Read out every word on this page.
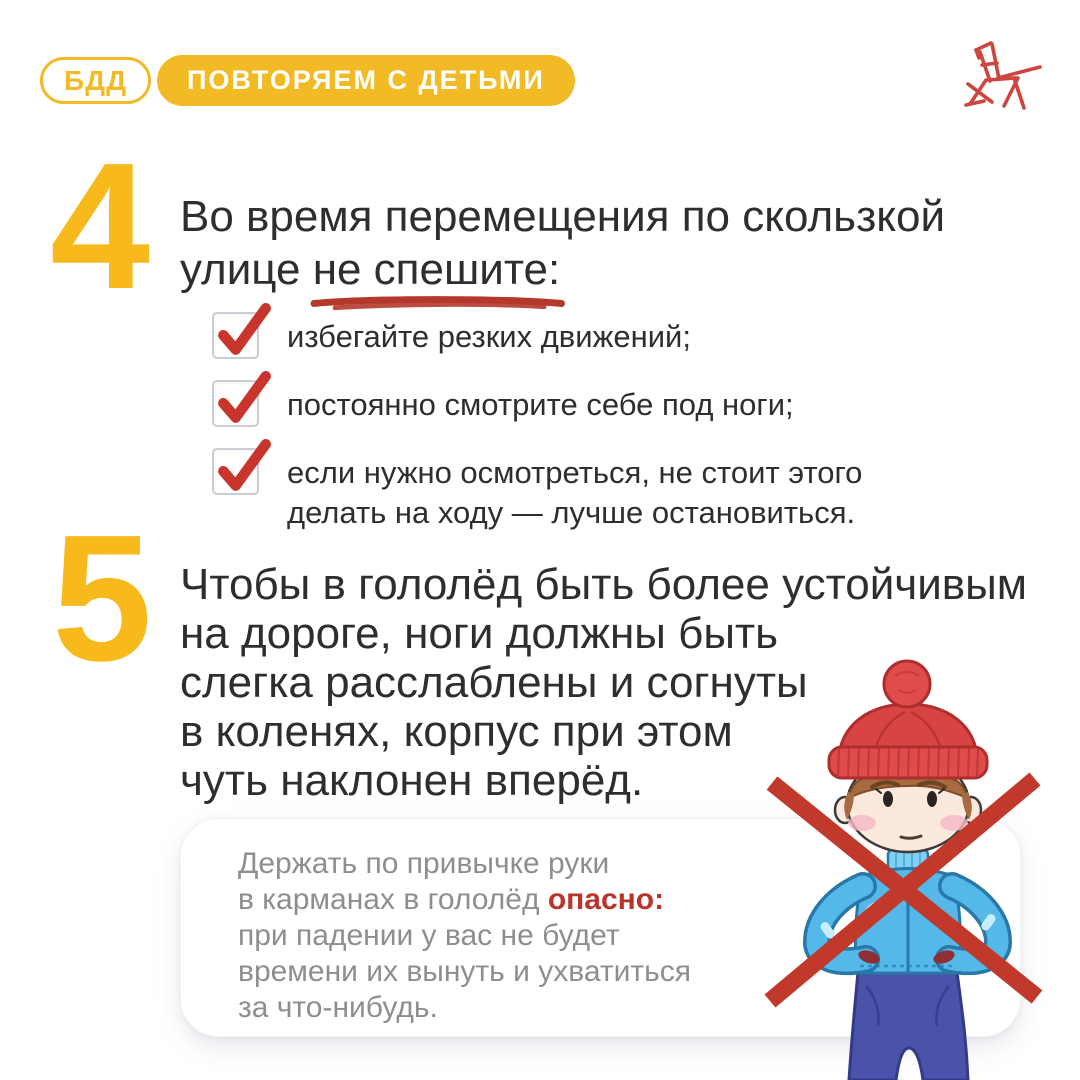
БДД ПОВТОРЯЕМ С ДЕТЬМИ
4 Во время перемещения по скользкой
улице не спешите:
избегайте резких движений;
постоянно смотрите себе под ноги;
если нужно осмотреться, не стоит этого делать на ходу — лучше остановиться.
5 Чтобы в гололёд быть более устойчивым
на дороге, ноги должны быть
слегка расслаблены и согнуты
в коленях, корпус при этом
чуть наклонен вперёд.
Держать по привычке руки
в карманах в гололёд опасно:
при падении у вас не будет
времени их вынуть и ухватиться
за что-нибудь.
